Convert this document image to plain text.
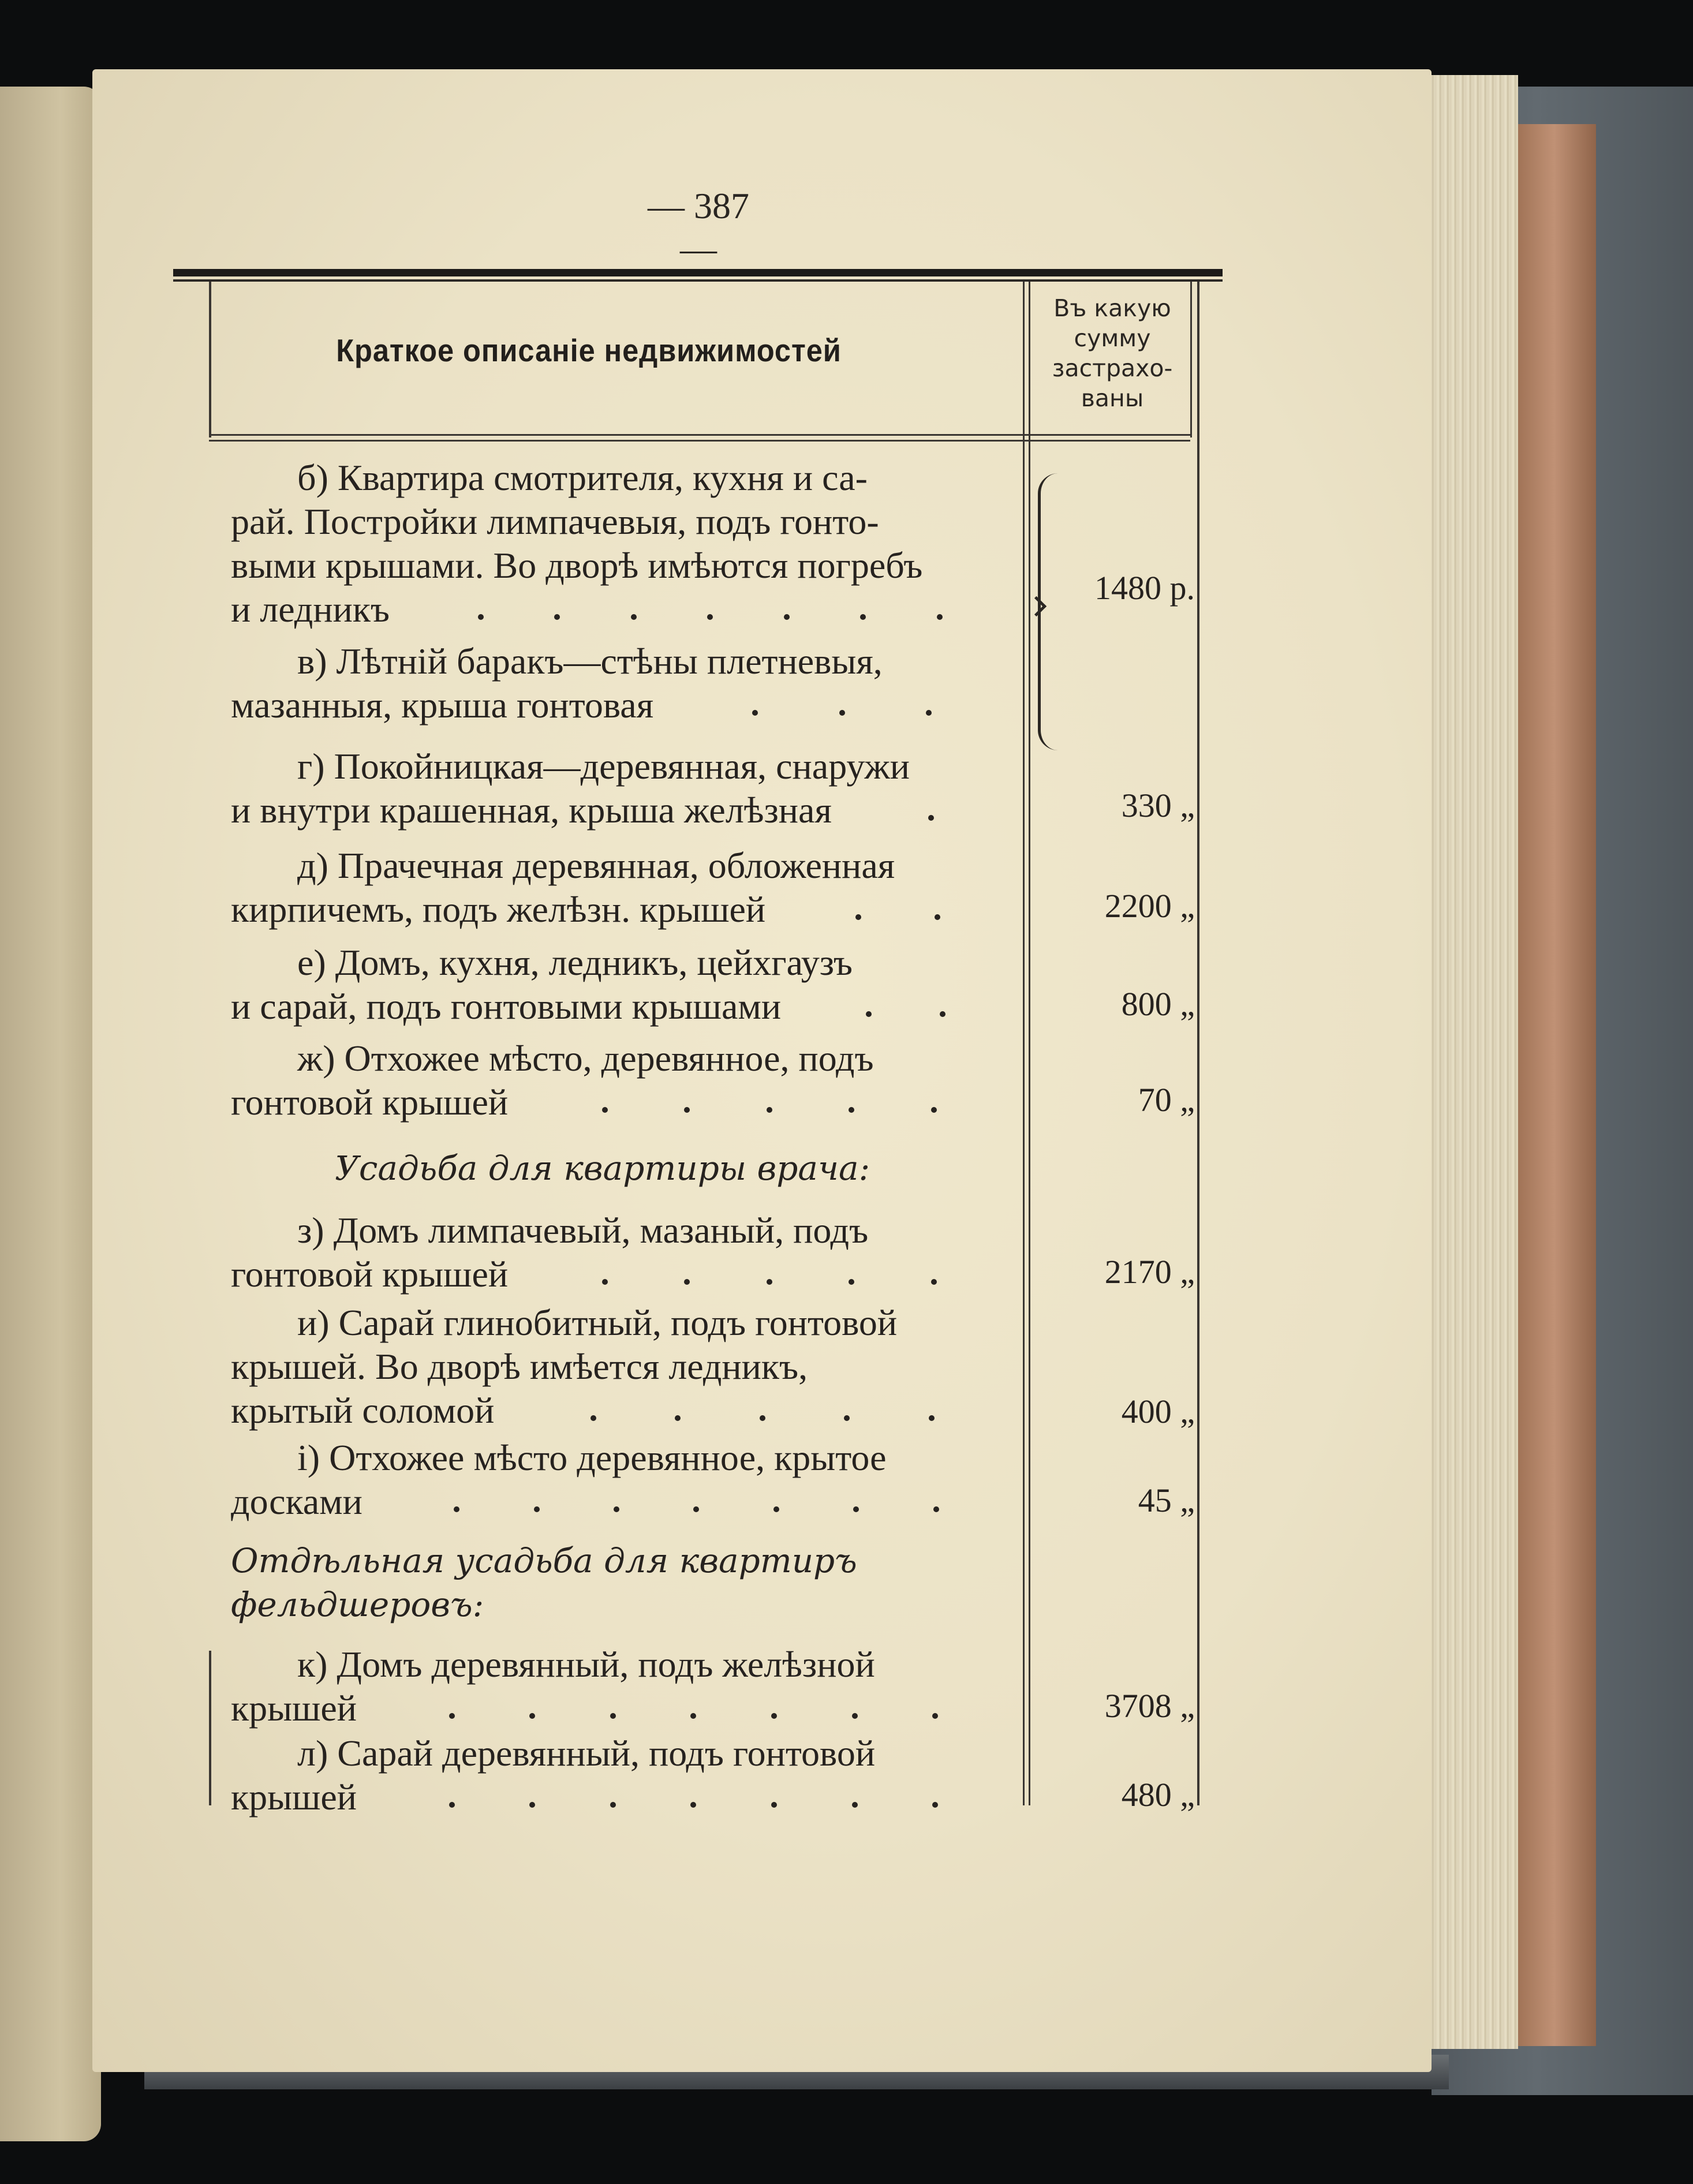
— 387 —
Краткое описаніе недвижимостей
Въ какую
сумму
застрахо-
ваны
б) Квартира смотрителя, кухня и са-
рай. Постройки лимпачевыя, подъ гонто-
выми крышами. Во дворѣ имѣются погребъ
и ледникъ
в) Лѣтній баракъ—стѣны плетневыя,
мазанныя, крыша гонтовая
1480 р.
г) Покойницкая—деревянная, снаружи
и внутри крашенная, крыша желѣзная	330 „
д) Прачечная деревянная, обложенная
кирпичемъ, подъ желѣзн. крышей	2200 „
е) Домъ, кухня, ледникъ, цейхгаузъ
и сарай, подъ гонтовыми крышами	800 „
ж) Отхожее мѣсто, деревянное, подъ
гонтовой крышей	70 „
Усадьба для квартиры врача:
з) Домъ лимпачевый, мазаный, подъ
гонтовой крышей	2170 „
и) Сарай глинобитный, подъ гонтовой
крышей. Во дворѣ имѣется ледникъ,
крытый соломой	400 „
і) Отхожее мѣсто деревянное, крытое
досками	45 „
Отдѣльная усадьба для квартиръ
фельдшеровъ:
к) Домъ деревянный, подъ желѣзной
крышей	3708 „
л) Сарай деревянный, подъ гонтовой
крышей	480 „
